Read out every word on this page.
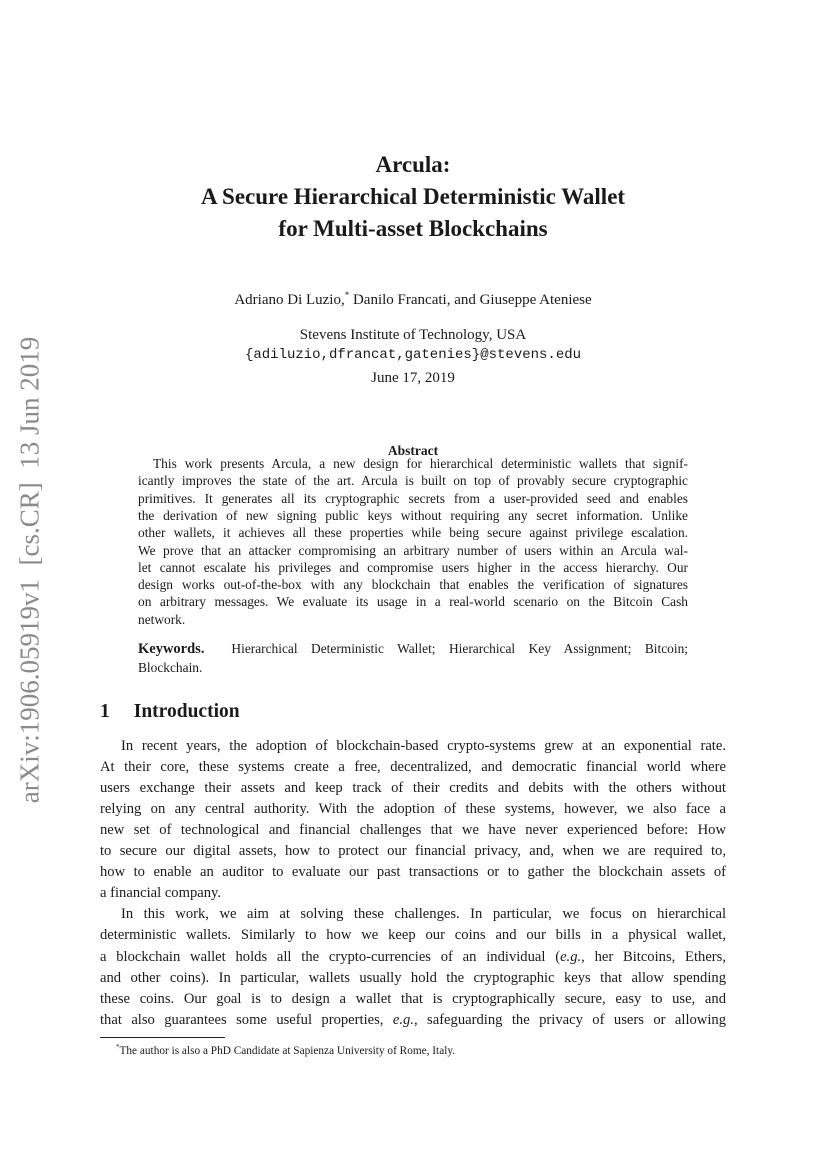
arXiv:1906.05919v1  [cs.CR]  13 Jun 2019
Arcula:
A Secure Hierarchical Deterministic Wallet
for Multi-asset Blockchains
Adriano Di Luzio,* Danilo Francati, and Giuseppe Ateniese
Stevens Institute of Technology, USA
{adiluzio,dfrancat,gatenies}@stevens.edu
June 17, 2019
Abstract
This work presents Arcula, a new design for hierarchical deterministic wallets that signif-
icantly improves the state of the art. Arcula is built on top of provably secure cryptographic
primitives. It generates all its cryptographic secrets from a user-provided seed and enables
the derivation of new signing public keys without requiring any secret information. Unlike
other wallets, it achieves all these properties while being secure against privilege escalation.
We prove that an attacker compromising an arbitrary number of users within an Arcula wal-
let cannot escalate his privileges and compromise users higher in the access hierarchy. Our
design works out-of-the-box with any blockchain that enables the verification of signatures
on arbitrary messages. We evaluate its usage in a real-world scenario on the Bitcoin Cash
network.
Keywords. Hierarchical Deterministic Wallet; Hierarchical Key Assignment; Bitcoin;
Blockchain.
1 Introduction
In recent years, the adoption of blockchain-based crypto-systems grew at an exponential rate.
At their core, these systems create a free, decentralized, and democratic financial world where
users exchange their assets and keep track of their credits and debits with the others without
relying on any central authority. With the adoption of these systems, however, we also face a
new set of technological and financial challenges that we have never experienced before: How
to secure our digital assets, how to protect our financial privacy, and, when we are required to,
how to enable an auditor to evaluate our past transactions or to gather the blockchain assets of
a financial company.
In this work, we aim at solving these challenges. In particular, we focus on hierarchical
deterministic wallets. Similarly to how we keep our coins and our bills in a physical wallet,
a blockchain wallet holds all the crypto-currencies of an individual (e.g., her Bitcoins, Ethers,
and other coins). In particular, wallets usually hold the cryptographic keys that allow spending
these coins. Our goal is to design a wallet that is cryptographically secure, easy to use, and
that also guarantees some useful properties, e.g., safeguarding the privacy of users or allowing
*The author is also a PhD Candidate at Sapienza University of Rome, Italy.
